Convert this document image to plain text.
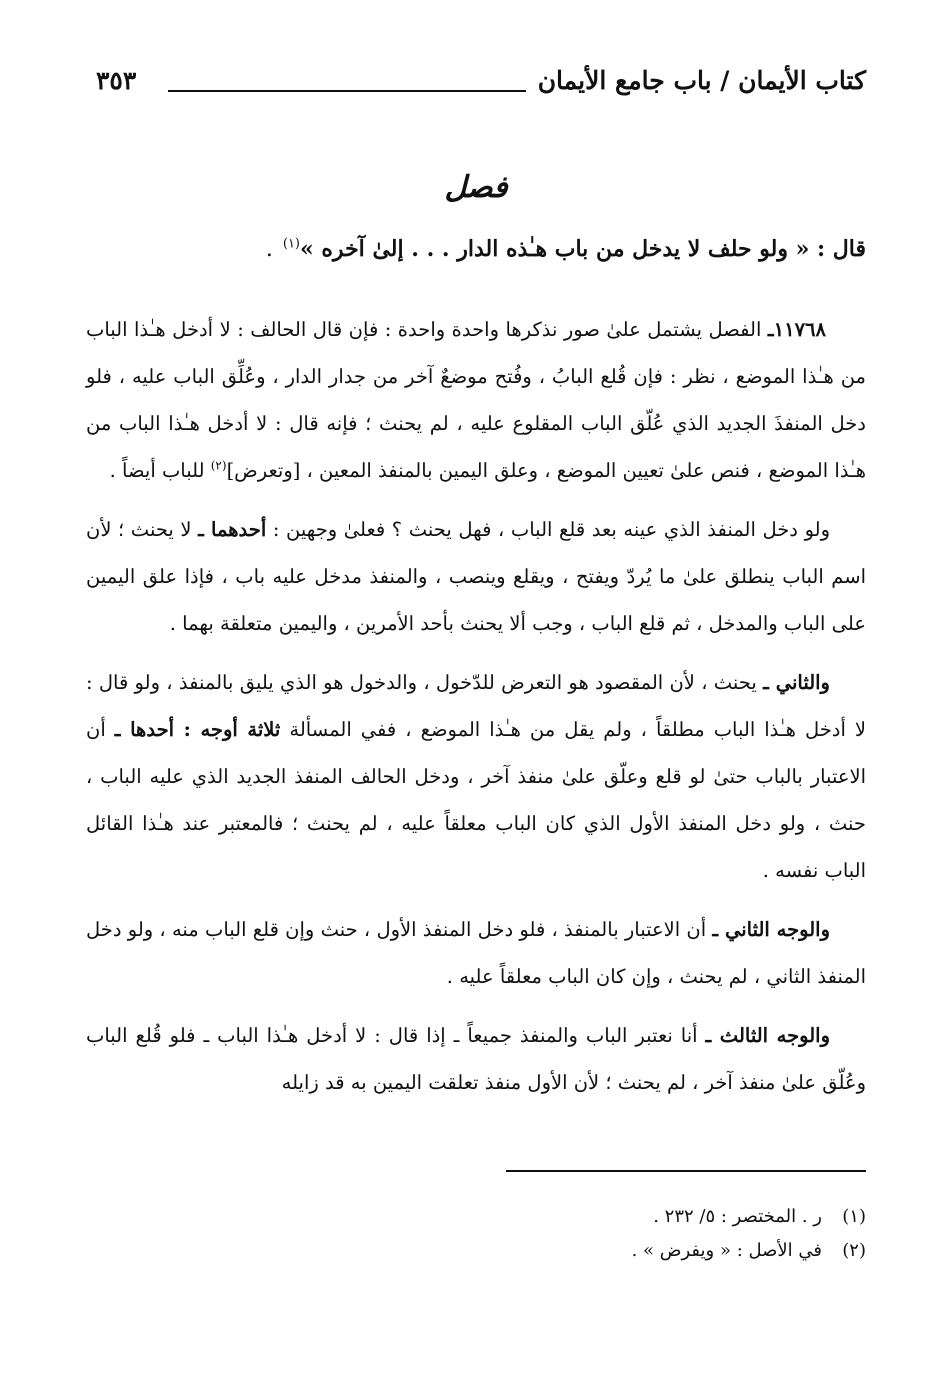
كتاب الأيمان / باب جامع الأيمان
٣٥٣
فصل
قال : « ولو حلف لا يدخل من باب هـٰذه الدار . . . إلىٰ آخره »$^{(١)}$.

١١٧٦٨ـ الفصل يشتمل علىٰ صور نذكرها واحدة واحدة : فإن قال الحالف : لا أدخل هـٰذا الباب من هـٰذا الموضع ، نظر : فإن قُلع البابُ ، وفُتح موضعٌ آخر من جدار الدار ، وعُلِّق الباب عليه ، فلو دخل المنفذَ الجديد الذي عُلّق الباب المقلوع عليه ، لم يحنث ؛ فإنه قال : لا أدخل هـٰذا الباب من هـٰذا الموضع ، فنص علىٰ تعيين الموضع ، وعلق اليمين بالمنفذ المعين ، [وتعرض]$^{(٢)}$ للباب أيضاً .

ولو دخل المنفذ الذي عينه بعد قلع الباب ، فهل يحنث ؟ فعلىٰ وجهين : أحدهما ـ لا يحنث ؛ لأن اسم الباب ينطلق علىٰ ما يُردّ ويفتح ، ويقلع وينصب ، والمنفذ مدخل عليه باب ، فإذا علق اليمين على الباب والمدخل ، ثم قلع الباب ، وجب ألا يحنث بأحد الأمرين ، واليمين متعلقة بهما .

والثاني ـ يحنث ، لأن المقصود هو التعرض للدّخول ، والدخول هو الذي يليق بالمنفذ ، ولو قال : لا أدخل هـٰذا الباب مطلقاً ، ولم يقل من هـٰذا الموضع ، ففي المسألة ثلاثة أوجه : أحدها ـ أن الاعتبار بالباب حتىٰ لو قلع وعلّق علىٰ منفذ آخر ، ودخل الحالف المنفذ الجديد الذي عليه الباب ، حنث ، ولو دخل المنفذ الأول الذي كان الباب معلقاً عليه ، لم يحنث ؛ فالمعتبر عند هـٰذا القائل الباب نفسه .

والوجه الثاني ـ أن الاعتبار بالمنفذ ، فلو دخل المنفذ الأول ، حنث وإن قلع الباب منه ، ولو دخل المنفذ الثاني ، لم يحنث ، وإن كان الباب معلقاً عليه .

والوجه الثالث ـ أنا نعتبر الباب والمنفذ جميعاً ـ إذا قال : لا أدخل هـٰذا الباب ـ فلو قُلع الباب وعُلّق علىٰ منفذ آخر ، لم يحنث ؛ لأن الأول منفذ تعلقت اليمين به قد زايله

(١)ر . المختصر : ٥/ ٢٣٢ .
(٢)في الأصل : « ويفرض » .
